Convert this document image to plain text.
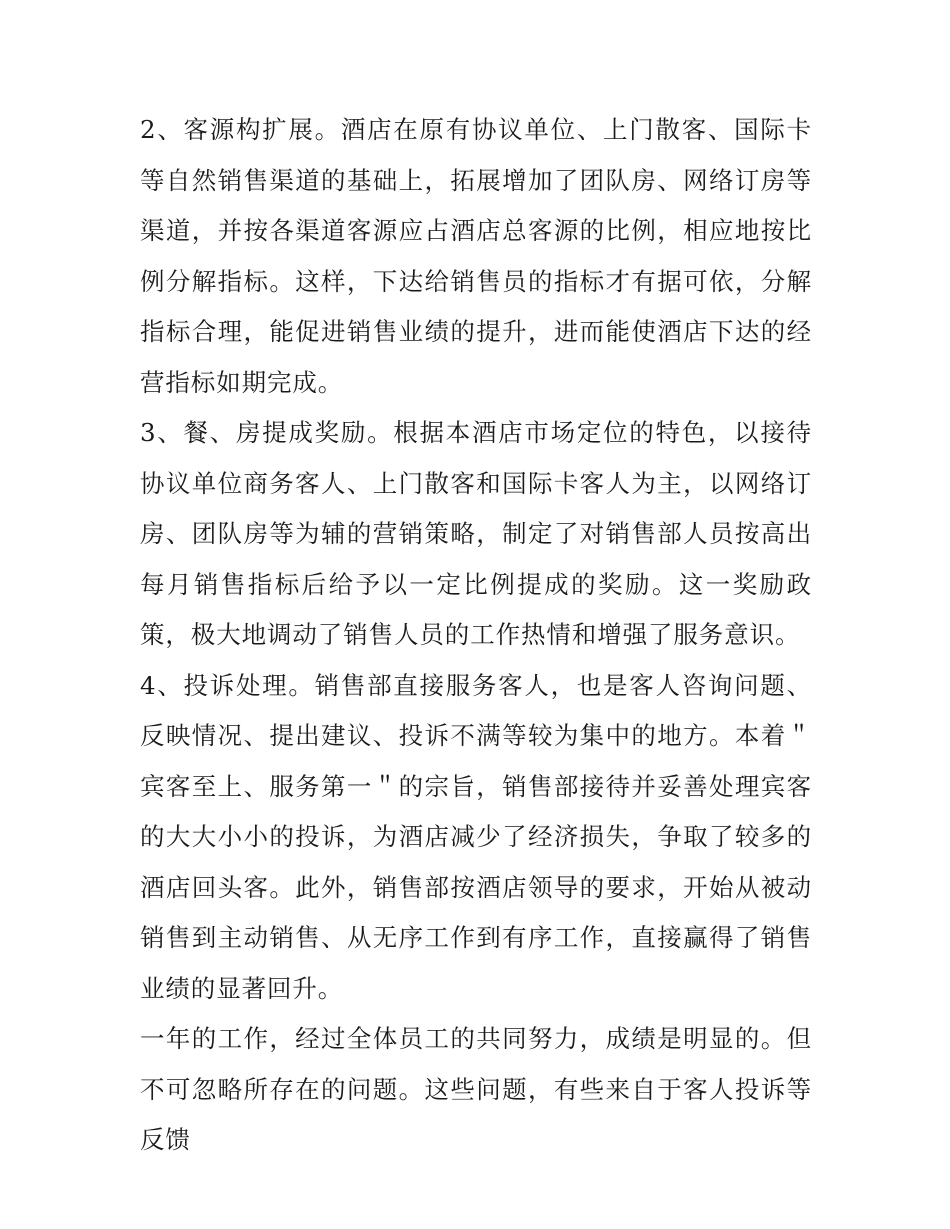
2、客源构扩展。酒店在原有协议单位、上门散客、国际卡等自然销售渠道的基础上，拓展增加了团队房、网络订房等渠道，并按各渠道客源应占酒店总客源的比例，相应地按比例分解指标。这样，下达给销售员的指标才有据可依，分解指标合理，能促进销售业绩的提升，进而能使酒店下达的经营指标如期完成。

3、餐、房提成奖励。根据本酒店市场定位的特色，以接待协议单位商务客人、上门散客和国际卡客人为主，以网络订房、团队房等为辅的营销策略，制定了对销售部人员按高出每月销售指标后给予以一定比例提成的奖励。这一奖励政策，极大地调动了销售人员的工作热情和增强了服务意识。

4、投诉处理。销售部直接服务客人，也是客人咨询问题、反映情况、提出建议、投诉不满等较为集中的地方。本着＂宾客至上、服务第一＂的宗旨，销售部接待并妥善处理宾客的大大小小的投诉，为酒店减少了经济损失，争取了较多的酒店回头客。此外，销售部按酒店领导的要求，开始从被动销售到主动销售、从无序工作到有序工作，直接赢得了销售业绩的显著回升。

一年的工作，经过全体员工的共同努力，成绩是明显的。但不可忽略所存在的问题。这些问题，有些来自于客人投诉等反馈
